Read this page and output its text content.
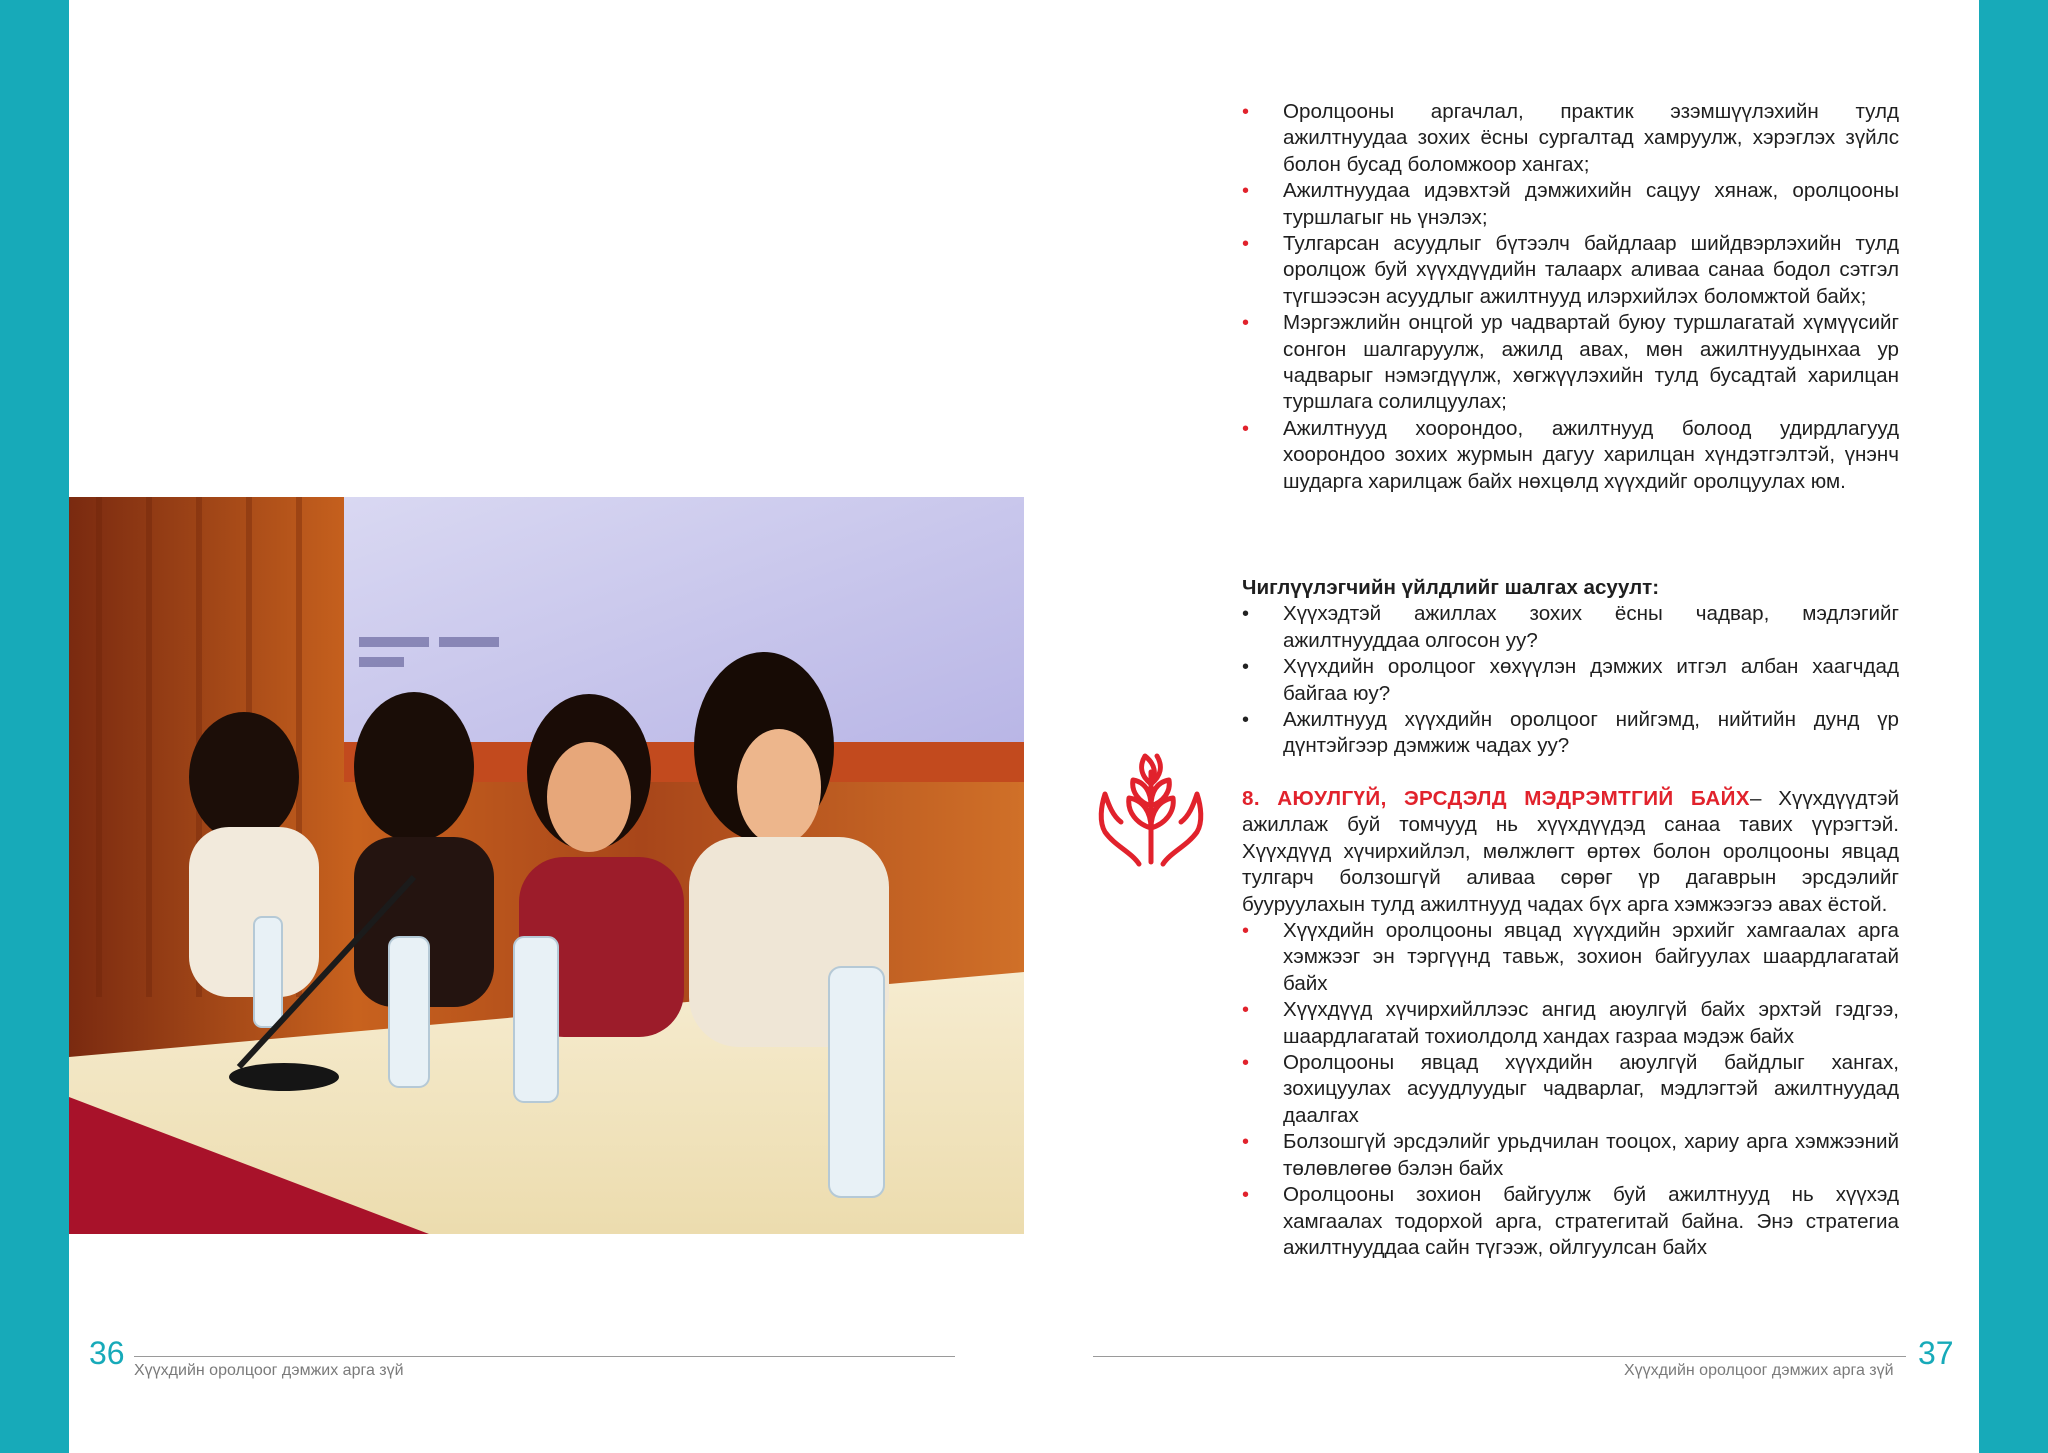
• Оролцооны аргачлал, практик эзэмшүүлэхийн тулд ажилтнуудаа зохих ёсны сургалтад хамруулж, хэрэглэх зүйлс болон бусад боломжоор хангах;
• Ажилтнуудаа идэвхтэй дэмжихийн сацуу хянаж, оролцооны туршлагыг нь үнэлэх;
• Тулгарсан асуудлыг бүтээлч байдлаар шийдвэрлэхийн тулд оролцож буй хүүхдүүдийн талаарх аливаа санаа бодол сэтгэл түгшээсэн асуудлыг ажилтнууд илэрхийлэх боломжтой байх;
• Мэргэжлийн онцгой ур чадвартай буюу туршлагатай хүмүүсийг сонгон шалгаруулж, ажилд авах, мөн ажилтнуудынхаа ур чадварыг нэмэгдүүлж, хөгжүүлэхийн тулд бусадтай харилцан туршлага солилцуулах;
• Ажилтнууд хоорондоо, ажилтнууд болоод удирдлагууд хоорондоо зохих журмын дагуу харилцан хүндэтгэлтэй, үнэнч шударга харилцаж байх нөхцөлд хүүхдийг оролцуулах юм.

Чиглүүлэгчийн үйлдлийг шалгах асуулт:

• Хүүхэдтэй ажиллах зохих ёсны чадвар, мэдлэгийг ажилтнууддаа олгосон уу?
• Хүүхдийн оролцоог хөхүүлэн дэмжих итгэл албан хаагчдад байгаа юу?
• Ажилтнууд хүүхдийн оролцоог нийгэмд, нийтийн дунд үр дүнтэйгээр дэмжиж чадах уу?

8. АЮУЛГҮЙ, ЭРСДЭЛД МЭДРЭМТГИЙ БАЙХ– Хүүхдүүдтэй ажиллаж буй томчууд нь хүүхдүүдэд санаа тавих үүрэгтэй. Хүүхдүүд хүчирхийлэл, мөлжлөгт өртөх болон оролцооны явцад тулгарч болзошгүй аливаа сөрөг үр дагаврын эрсдэлийг бууруулахын тулд ажилтнууд чадах бүх арга хэмжээгээ авах ёстой.

• Хүүхдийн оролцооны явцад хүүхдийн эрхийг хамгаалах арга хэмжээг эн тэргүүнд тавьж, зохион байгуулах шаардлагатай байх
• Хүүхдүүд хүчирхийллээс ангид аюулгүй байх эрхтэй гэдгээ, шаардлагатай тохиолдолд хандах газраа мэдэж байх
• Оролцооны явцад хүүхдийн аюулгүй байдлыг хангах, зохицуулах асуудлуудыг чадварлаг, мэдлэгтэй ажилтнуудад даалгах
• Болзошгүй эрсдэлийг урьдчилан тооцох, хариу арга хэмжээний төлөвлөгөө бэлэн байх
• Оролцооны зохион байгуулж буй ажилтнууд нь хүүхэд хамгаалах тодорхой арга, стратегитай байна. Энэ стратегиа ажилтнууддаа сайн түгээж, ойлгуулсан байх
36 Хүүхдийн оролцоог дэмжих арга зүй	Хүүхдийн оролцоог дэмжих арга зүй 37
